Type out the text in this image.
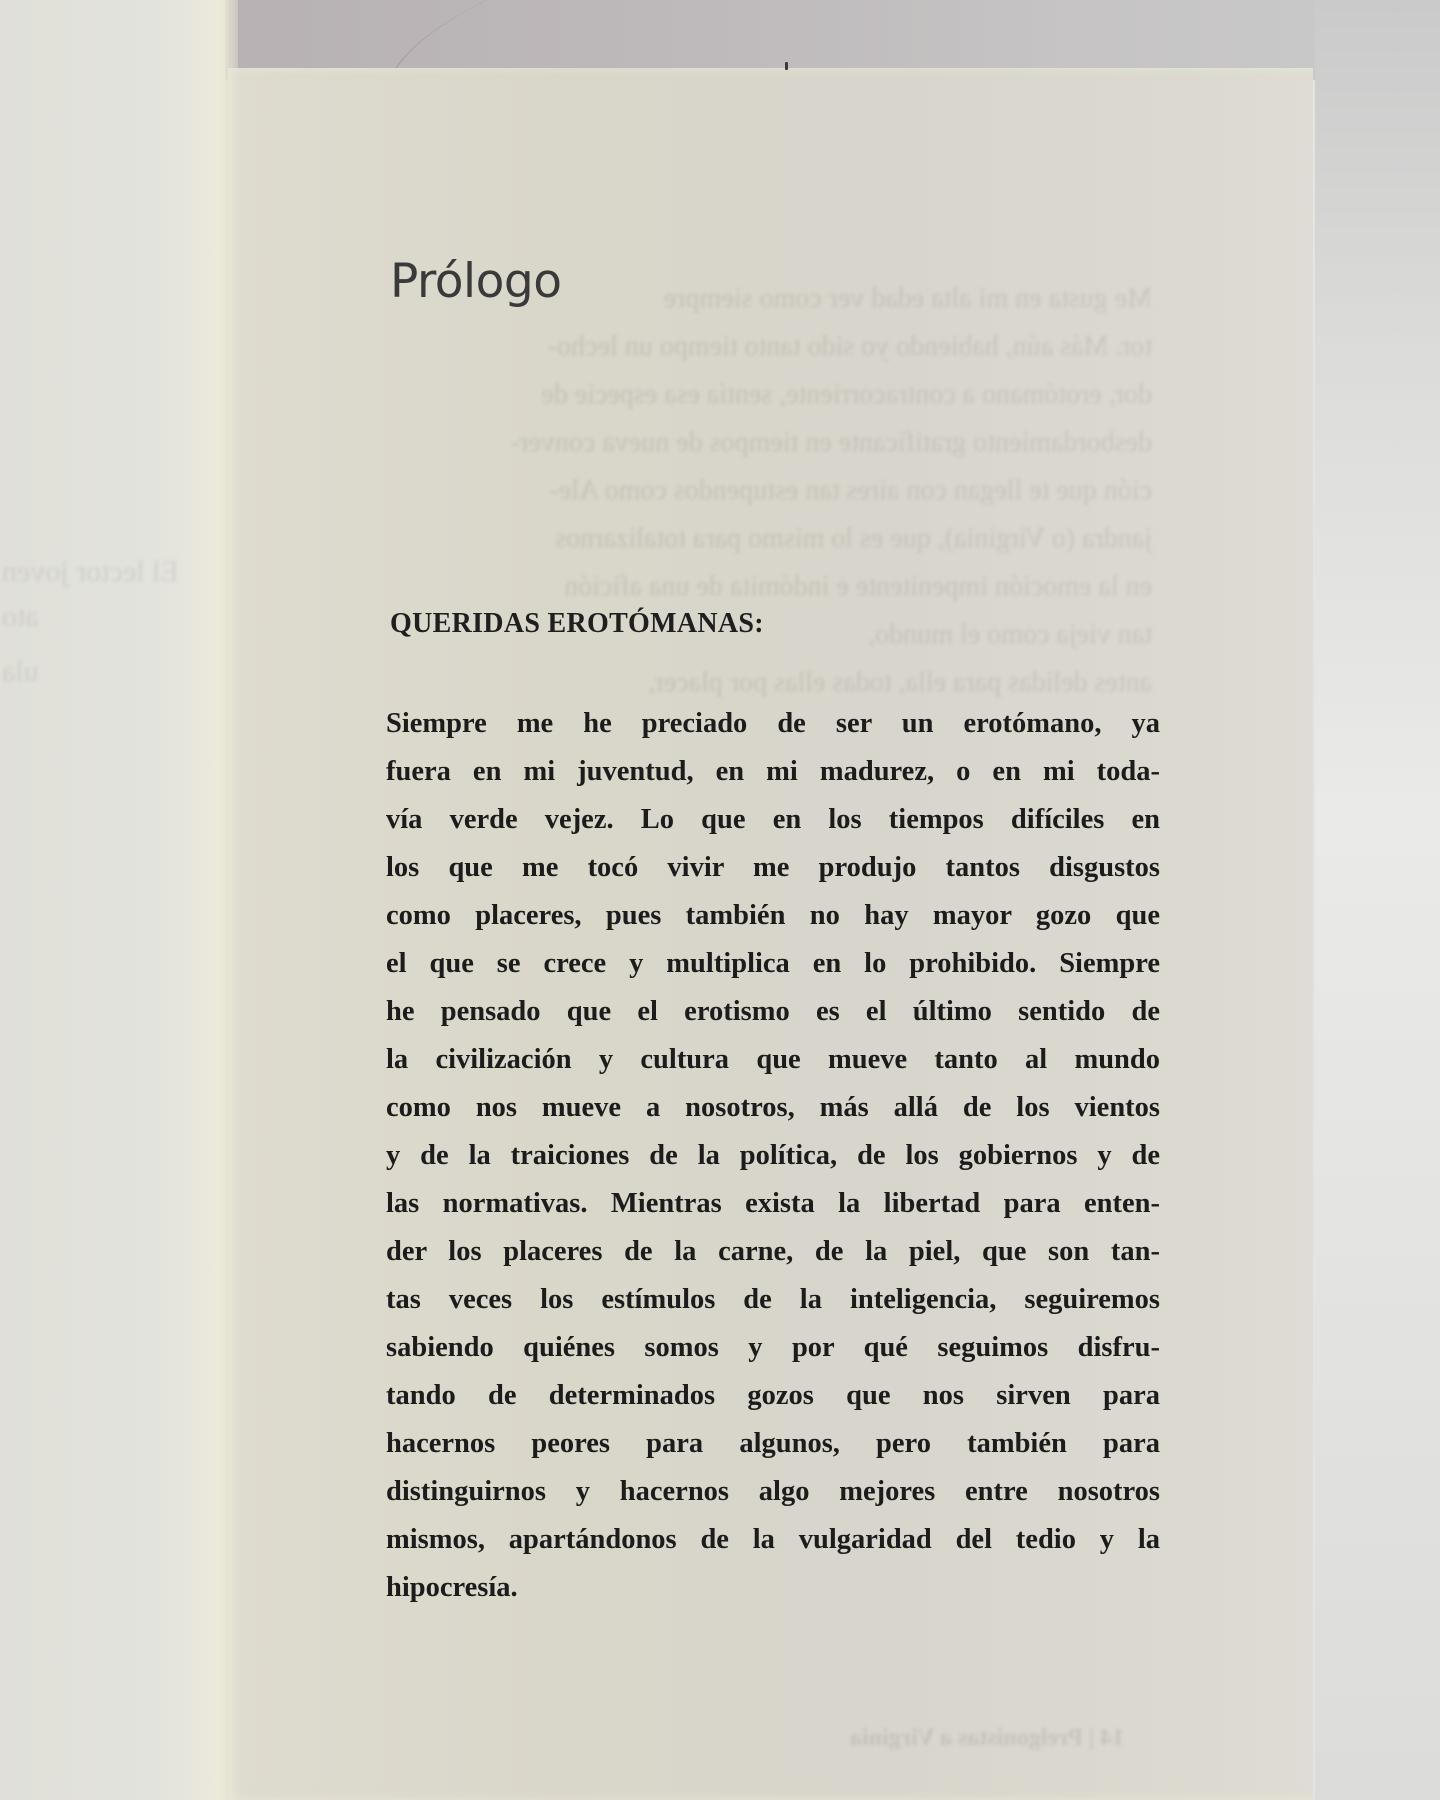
El lector joven
ato
ula
Me gusta en mi alta edad ver como siempre
tor. Más aún, habiendo yo sido tanto tiempo un lecho-
dor, erotómano a contracorriente, sentía esa especie de
desbordamiento gratificante en tiempos de nueva conver-
ción que te llegan con aires tan estupendos como Ale-
jandra (o Virginia), que es lo mismo para totalizarnos
en la emoción impenitente e indómita de una afición
tan vieja como el mundo,
antes delidas para ella, todas ellas por placer,
14 | Prelgonistas a Virginia
Prólogo

QUERIDAS EROTÓMANAS:

Siempre me he preciado de ser un erotómano, ya
fuera en mi juventud, en mi madurez, o en mi toda-
vía verde vejez. Lo que en los tiempos difíciles en
los que me tocó vivir me produjo tantos disgustos
como placeres, pues también no hay mayor gozo que
el que se crece y multiplica en lo prohibido. Siempre
he pensado que el erotismo es el último sentido de
la civilización y cultura que mueve tanto al mundo
como nos mueve a nosotros, más allá de los vientos
y de la traiciones de la política, de los gobiernos y de
las normativas. Mientras exista la libertad para enten-
der los placeres de la carne, de la piel, que son tan-
tas veces los estímulos de la inteligencia, seguiremos
sabiendo quiénes somos y por qué seguimos disfru-
tando de determinados gozos que nos sirven para
hacernos peores para algunos, pero también para
distinguirnos y hacernos algo mejores entre nosotros
mismos, apartándonos de la vulgaridad del tedio y la
hipocresía.
